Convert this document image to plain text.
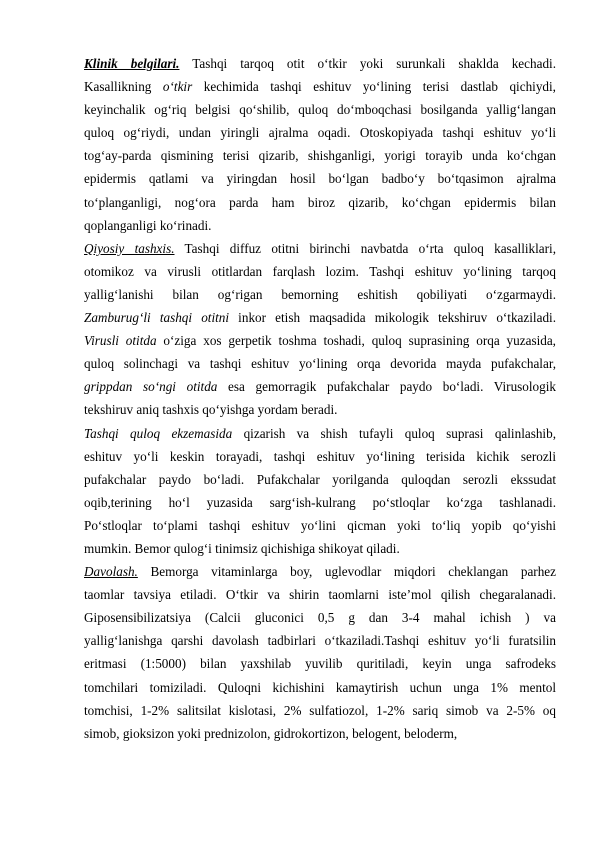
Klinik belgilari. Tashqi tarqoq otit o‘tkir yoki surunkali shaklda kechadi.
Kasallikning o‘tkir kechimida tashqi eshituv yo‘lining terisi dastlab qichiydi,
keyinchalik og‘riq belgisi qo‘shilib, quloq do‘mboqchasi bosilganda yallig‘langan
quloq og‘riydi, undan yiringli ajralma oqadi. Otoskopiyada tashqi eshituv yo‘li
tog‘ay-parda qismining terisi qizarib, shishganligi, yorigi torayib unda ko‘chgan
epidermis qatlami va yiringdan hosil bo‘lgan badbo‘y bo‘tqasimon ajralma
to‘planganligi, nog‘ora parda ham biroz qizarib, ko‘chgan epidermis bilan
qoplanganligi ko‘rinadi.
Qiyosiy tashxis. Tashqi diffuz otitni birinchi navbatda o‘rta quloq kasalliklari,
otomikoz va virusli otitlardan farqlash lozim. Tashqi eshituv yo‘lining tarqoq
yallig‘lanishi bilan og‘rigan bemorning eshitish qobiliyati o‘zgarmaydi.
Zamburug‘li tashqi otitni inkor etish maqsadida mikologik tekshiruv o‘tkaziladi.
Virusli otitda o‘ziga xos gerpetik toshma toshadi, quloq suprasining orqa yuzasida,
quloq solinchagi va tashqi eshituv yo‘lining orqa devorida mayda pufakchalar,
grippdan so‘ngi otitda esa gemorragik pufakchalar paydo bo‘ladi. Virusologik
tekshiruv aniq tashxis qo‘yishga yordam beradi.
Tashqi quloq ekzemasida qizarish va shish tufayli quloq suprasi qalinlashib,
eshituv yo‘li keskin torayadi, tashqi eshituv yo‘lining terisida kichik serozli
pufakchalar paydo bo‘ladi. Pufakchalar yorilganda quloqdan serozli ekssudat
oqib,terining ho‘l yuzasida sarg‘ish-kulrang po‘stloqlar ko‘zga tashlanadi.
Po‘stloqlar to‘plami tashqi eshituv yo‘lini qicman yoki to‘liq yopib qo‘yishi
mumkin. Bemor qulog‘i tinimsiz qichishiga shikoyat qiladi.
Davolash. Bemorga vitaminlarga boy, uglevodlar miqdori cheklangan parhez
taomlar tavsiya etiladi. O‘tkir va shirin taomlarni iste’mol qilish chegaralanadi.
Giposensibilizatsiya (Calcii gluconici 0,5 g dan 3-4 mahal ichish ) va
yallig‘lanishga qarshi davolash tadbirlari o‘tkaziladi.Tashqi eshituv yo‘li furatsilin
eritmasi (1:5000) bilan yaxshilab yuvilib quritiladi, keyin unga safrodeks
tomchilari tomiziladi. Quloqni kichishini kamaytirish uchun unga 1% mentol
tomchisi, 1-2% salitsilat kislotasi, 2% sulfatiozol, 1-2% sariq simob va 2-5% oq
simob, gioksizon yoki prednizolon, gidrokortizon, belogent, beloderm,
